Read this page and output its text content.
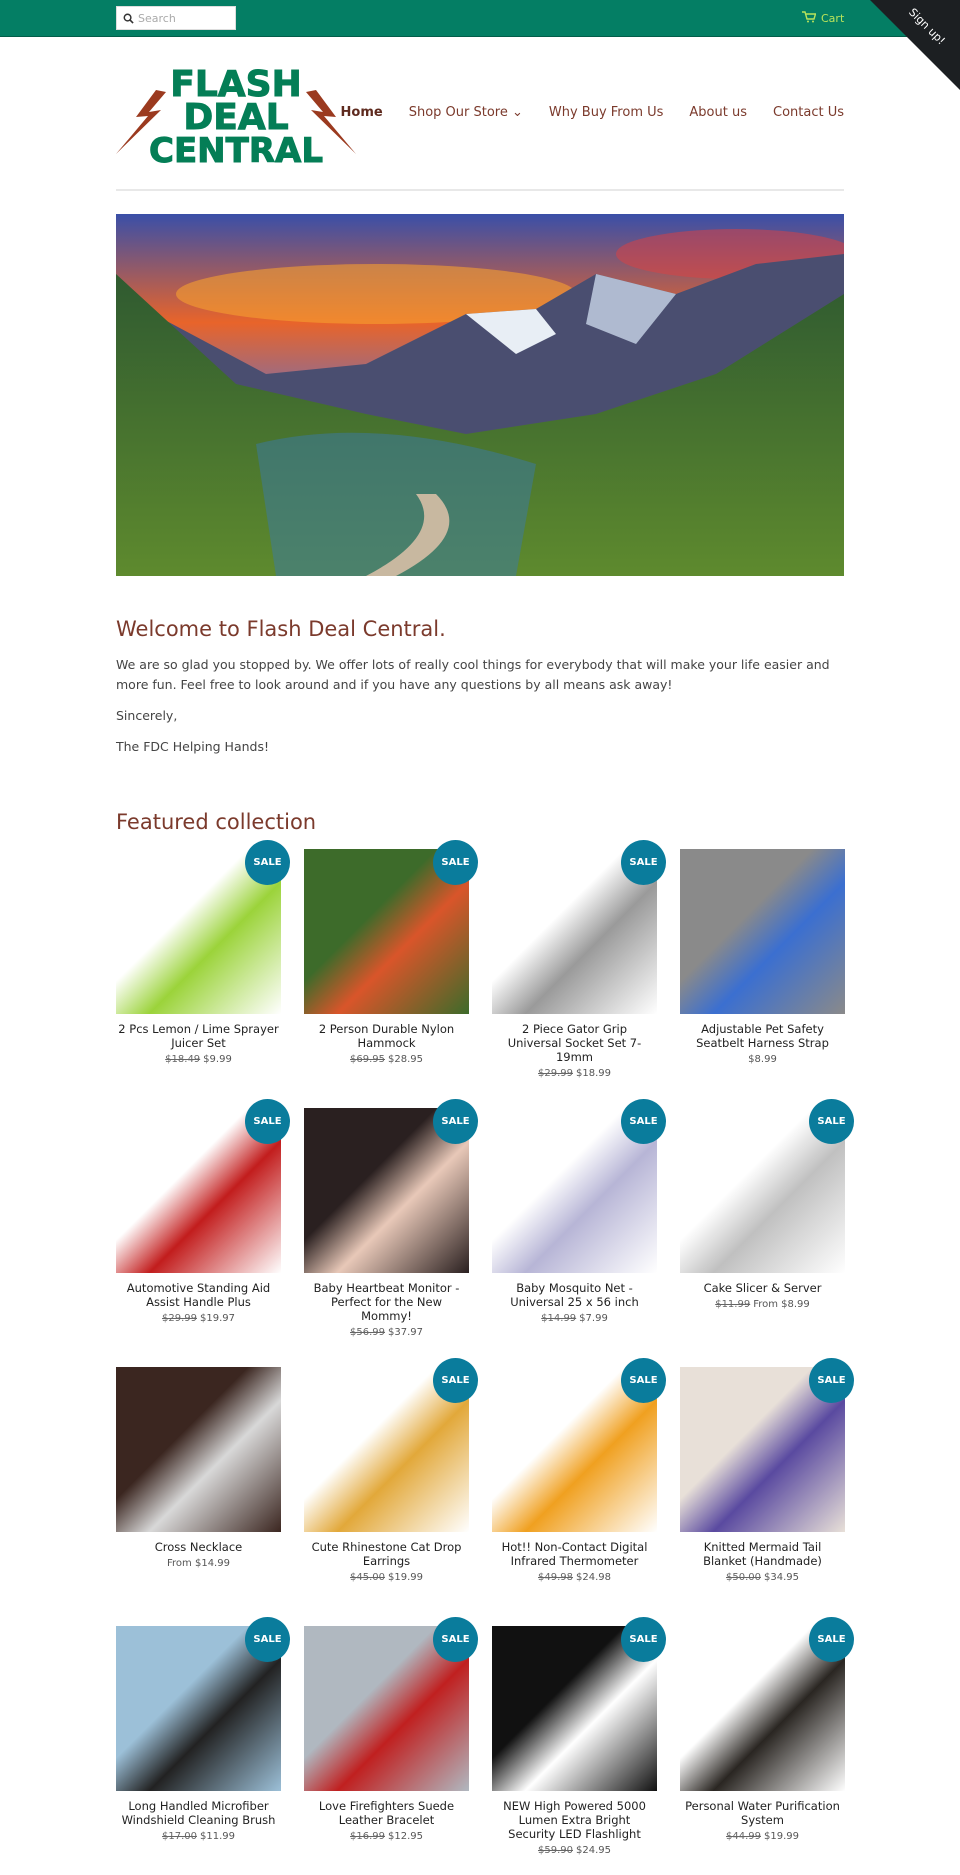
Search
Cart	Sign up!
FLASH
DEAL
CENTRAL
Home Shop Our Store ⌄ Why Buy From Us About us Contact Us
Welcome to Flash Deal Central.

We are so glad you stopped by. We offer lots of really cool things for everybody that will make your life easier and more fun. Feel free to look around and if you have any questions by all means ask away!

Sincerely,

The FDC Helping Hands!

Featured collection
SALE
2 Pcs Lemon / Lime Sprayer Juicer Set
$18.49 $9.99
SALE
2 Person Durable Nylon Hammock
$69.95 $28.95
SALE
2 Piece Gator Grip Universal Socket Set 7-19mm
$29.99 $18.99
Adjustable Pet Safety Seatbelt Harness Strap
$8.99
SALE
Automotive Standing Aid Assist Handle Plus
$29.99 $19.97
SALE
Baby Heartbeat Monitor - Perfect for the New Mommy!
$56.99 $37.97
SALE
Baby Mosquito Net - Universal 25 x 56 inch
$14.99 $7.99
SALE
Cake Slicer & Server
$11.99 From $8.99
Cross Necklace
From $14.99
SALE
Cute Rhinestone Cat Drop Earrings
$45.00 $19.99
SALE
Hot!! Non-Contact Digital Infrared Thermometer
$49.98 $24.98
SALE
Knitted Mermaid Tail Blanket (Handmade)
$50.00 $34.95
SALE
Long Handled Microfiber Windshield Cleaning Brush
$17.00 $11.99
SALE
Love Firefighters Suede Leather Bracelet
$16.99 $12.95
SALE
NEW High Powered 5000 Lumen Extra Bright Security LED Flashlight
$59.90 $24.95
SALE
Personal Water Purification System
$44.99 $19.99
